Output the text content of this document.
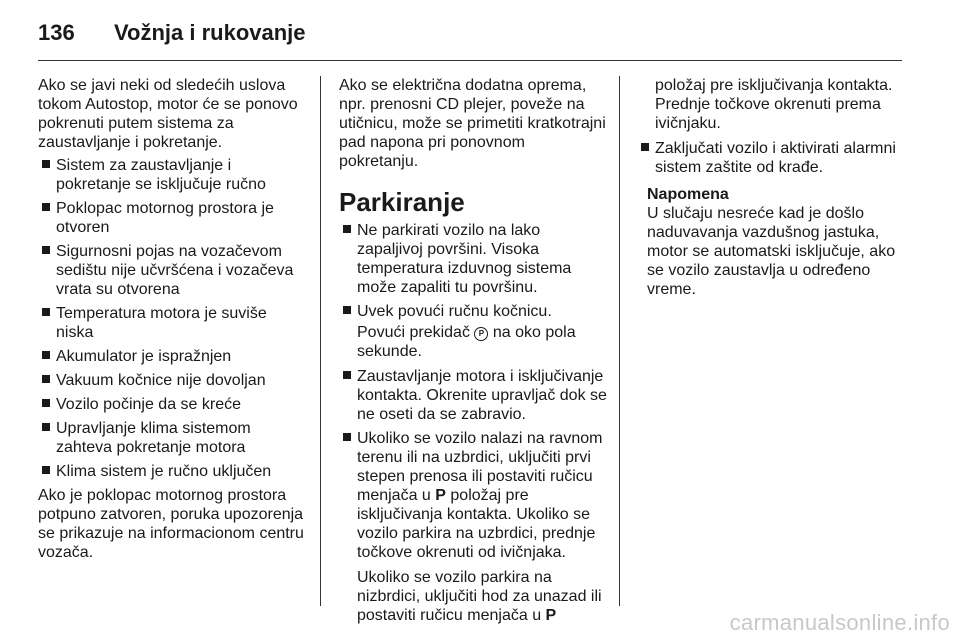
136 Vožnja i rukovanje

Ako se javi neki od sledećih uslova tokom Autostop, motor će se ponovo pokrenuti putem sistema za zaustavljanje i pokretanje.

Sistem za zaustavljanje i pokretanje se isključuje ručno
Poklopac motornog prostora je otvoren
Sigurnosni pojas na vozačevom sedištu nije učvršćena i vozačeva vrata su otvorena
Temperatura motora je suviše niska
Akumulator je ispražnjen
Vakuum kočnice nije dovoljan
Vozilo počinje da se kreće
Upravljanje klima sistemom zahteva pokretanje motora
Klima sistem je ručno uključen

Ako je poklopac motornog prostora potpuno zatvoren, poruka upozorenja se prikazuje na informacionom centru vozača.

Ako se električna dodatna oprema, npr. prenosni CD plejer, poveže na utičnicu, može se primetiti kratkotrajni pad napona pri ponovnom pokretanju.

Parkiranje
Ne parkirati vozilo na lako zapaljivoj površini. Visoka temperatura izduvnog sistema može zapaliti tu površinu.
Uvek povući ručnu kočnicu.

Povući prekidač P na oko pola sekunde.

Zaustavljanje motora i isključivanje kontakta. Okrenite upravljač dok se ne oseti da se zabravio.
Ukoliko se vozilo nalazi na ravnom terenu ili na uzbrdici, uključiti prvi stepen prenosa ili postaviti ručicu menjača u P položaj pre isključivanja kontakta. Ukoliko se vozilo parkira na uzbrdici, prednje točkove okrenuti od ivičnjaka.

Ukoliko se vozilo parkira na nizbrdici, uključiti hod za unazad ili postaviti ručicu menjača u P

položaj pre isključivanja kontakta. Prednje točkove okrenuti prema ivičnjaku.

Zaključati vozilo i aktivirati alarmni sistem zaštite od krađe.

Napomena

U slučaju nesreće kad je došlo naduvavanja vazdušnog jastuka, motor se automatski isključuje, ako se vozilo zaustavlja u određeno vreme.

carmanualsonline.info
